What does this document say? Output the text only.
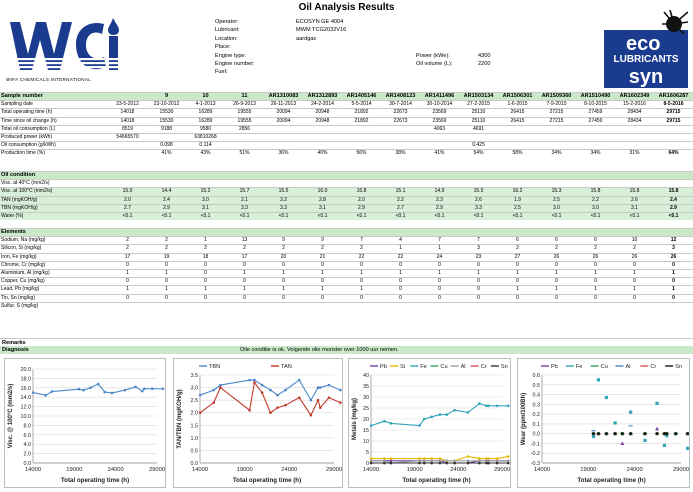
Oil Analysis Results
wci
WIFA CHEMICALS INTERNATIONAL
eco
LUBRICANTS
syn
Operator:
Lubricant:
Location:
Place:
Engine type:
Engine number:
Fuel:
ECOSYN GE 4004
MWM TCG2032V16
aardgas
Power (kWe):
Oil volume (L):
4300
2200
Sample number		9	10	11	AR1310083	AR1312893	AR1405146	AR1408123	AR1411496	AR1503134	AR1506301	AR1509360	AR1510490	AR1602349	AR1606287
Sampling date	23-5-2012	23-10-2012	4-1-2013	26-9-2013	26-11-2013	24-2-2014	5-5-2014	30-7-2014	30-10-2014	27-2-2015	1-6-2015	7-9-2015	8-10-2015	15-2-2016	8-5-2016
Total operating time (h)	14018	15530	16289	19555	20094	20948	21892	22673	23569	25110	26415	27215	27459	28434	29715
Time since oil change (h)	14018	15530	16289	19555	20094	20948	21892	22673	23569	25110	26415	27215	27459	28434	29715
Total oil consumption (L)	8519	9188	9580	2856					4063	4691					
Produced power (kWh)	54665570		63810268												
Oil consumption (g/kWh)		0.098	0.114							0.425					
Production time (%)		41%	43%	51%	36%	40%	56%	38%	41%	54%	58%	34%	34%	31%	64%
Oil condition															
Visc. at 40°C (mm2/s)															
Visc. at 100°C (mm2/s)	15.0	14.4	15.2	15.7	15.5	16.0	16.8	15.1	14.9	15.5	16.2	15.3	15.8	15.8	15.8
TAN (mgKOH/g)	2.0	2.4	3.0	2.1	3.2	2.8	2.0	2.2	2.3	2.6	1.9	2.5	2.2	2.6	2.4
TBN (mgKOH/g)	2.7	2.9	3.1	3.3	3.3	3.1	2.9	2.7	2.9	3.3	2.5	3.0	3.0	3.1	2.9
Water (%)	<0.1	<0.1	<0.1	<0.1	<0.1	<0.1	<0.1	<0.1	<0.1	<0.1	<0.1	<0.1	<0.1	<0.1	<0.1
Elements															
Sodium, Na (mg/kg)	2	2	1	13	9	9	7	4	7	7	6	6	6	10	12
Silicon, Si (mg/kg)	2	2	2	2	2	2	2	1	1	3	2	2	2	2	3
Iron, Fe (mg/kg)	17	19	18	17	20	21	22	22	24	23	27	26	26	26	26
Chrome, Cr (mg/kg)	0	0	0	0	0	0	0	0	0	0	0	0	0	0	0
Aluminium, Al (mg/kg)	1	1	0	1	1	1	1	1	1	1	1	1	1	1	1
Copper, Cu (mg/kg)	0	0	0	0	0	0	0	0	0	0	0	0	0	0	0
Lead, Pb (mg/kg)	1	1	1	1	1	1	1	0	0	0	1	1	1	1	1
Tin, Sn (mg/kg)	0	0	0	0	0	0	0	0	0	0	0	0	0	0	0
Sulfur, S (mg/kg)															
Remarks
Diagnosis	Olie conditie is ok. Volgende olie monster over 1000 uur nemen.
0.0
2.0
4.0
6.0
8.0
10.0
12.0
14.0
16.0
18.0
20.0
14000	19000	24000	29000
Total operating time (h)
Visc. @ 100°C (mm2/s)
0.0
0.5
1.0
1.5
2.0
2.5
3.0
3.5
14000	19000	24000	29000
Total operating time (h)
TAN/TBN (mgKOH/g)
TBN	TAN
0
5
10
15
20
25
30
35
40
14000	19000	24000	29000
Total operating time (h)
Metals (mg/kg)
Pb Si	Fe Cu Al	Cr	Sn
-0.3
-0.2
-0.1
0.0
0.1
0.2
0.3
0.4
0.5
0.6
14000	19000	24000	29000
Total operating time (h)
Wear (ppm/100Bh)
Pb	Fe	Cu	Al	Cr	Sn
